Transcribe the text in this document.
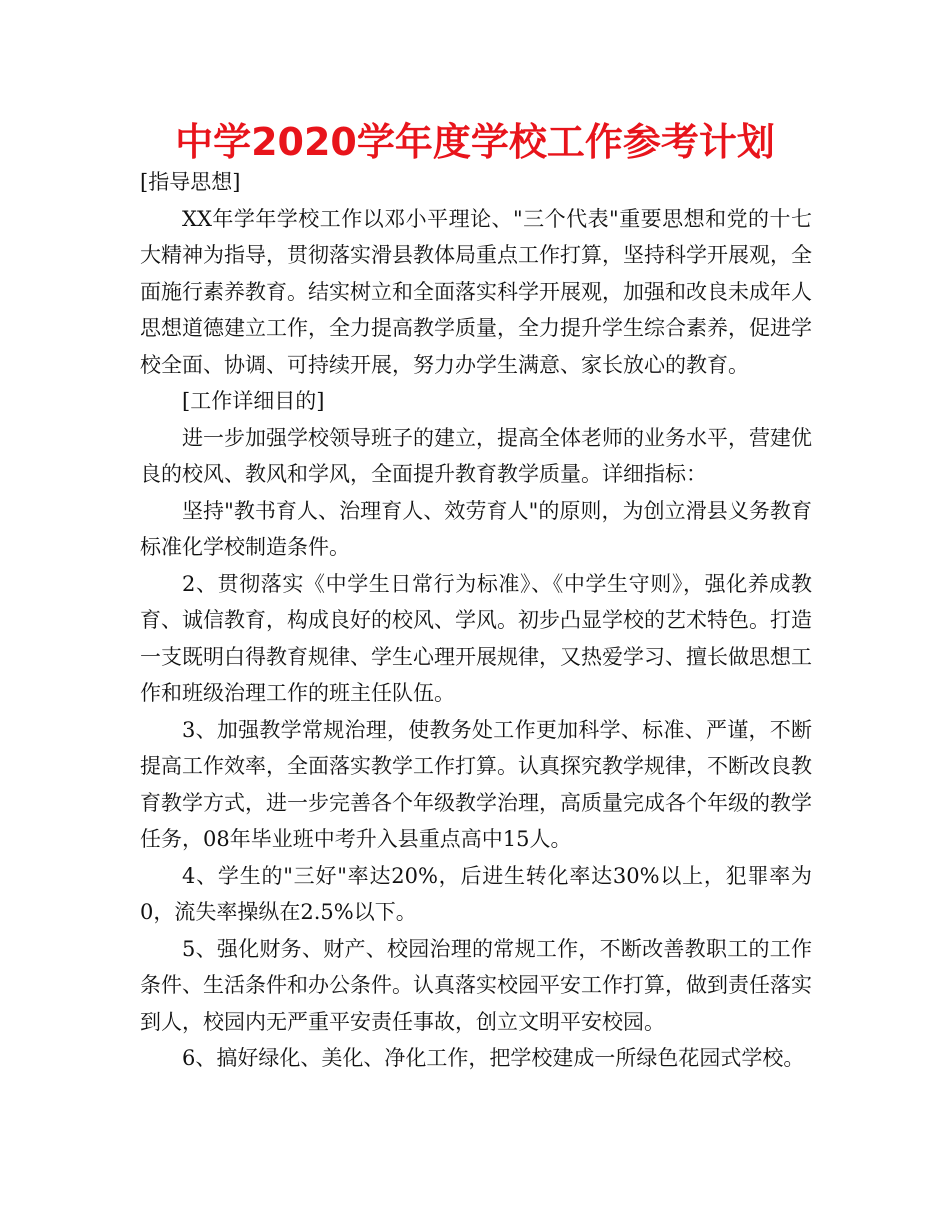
中学2020学年度学校工作参考计划

[指导思想]

XX年学年学校工作以邓小平理论、"三个代表"重要思想和党的十七大精神为指导，贯彻落实滑县教体局重点工作打算，坚持科学开展观，全面施行素养教育。结实树立和全面落实科学开展观，加强和改良未成年人思想道德建立工作，全力提高教学质量，全力提升学生综合素养，促进学校全面、协调、可持续开展，努力办学生满意、家长放心的教育。

[工作详细目的]

进一步加强学校领导班子的建立，提高全体老师的业务水平，营建优良的校风、教风和学风，全面提升教育教学质量。详细指标：

坚持"教书育人、治理育人、效劳育人"的原则，为创立滑县义务教育标准化学校制造条件。

2、贯彻落实《中学生日常行为标准》、《中学生守则》，强化养成教育、诚信教育，构成良好的校风、学风。初步凸显学校的艺术特色。打造一支既明白得教育规律、学生心理开展规律，又热爱学习、擅长做思想工作和班级治理工作的班主任队伍。

3、加强教学常规治理，使教务处工作更加科学、标准、严谨，不断提高工作效率，全面落实教学工作打算。认真探究教学规律，不断改良教育教学方式，进一步完善各个年级教学治理，高质量完成各个年级的教学任务，08年毕业班中考升入县重点高中15人。

4、学生的"三好"率达20%，后进生转化率达30%以上，犯罪率为0，流失率操纵在2.5%以下。

5、强化财务、财产、校园治理的常规工作，不断改善教职工的工作条件、生活条件和办公条件。认真落实校园平安工作打算，做到责任落实到人，校园内无严重平安责任事故，创立文明平安校园。

6、搞好绿化、美化、净化工作，把学校建成一所绿色花园式学校。
